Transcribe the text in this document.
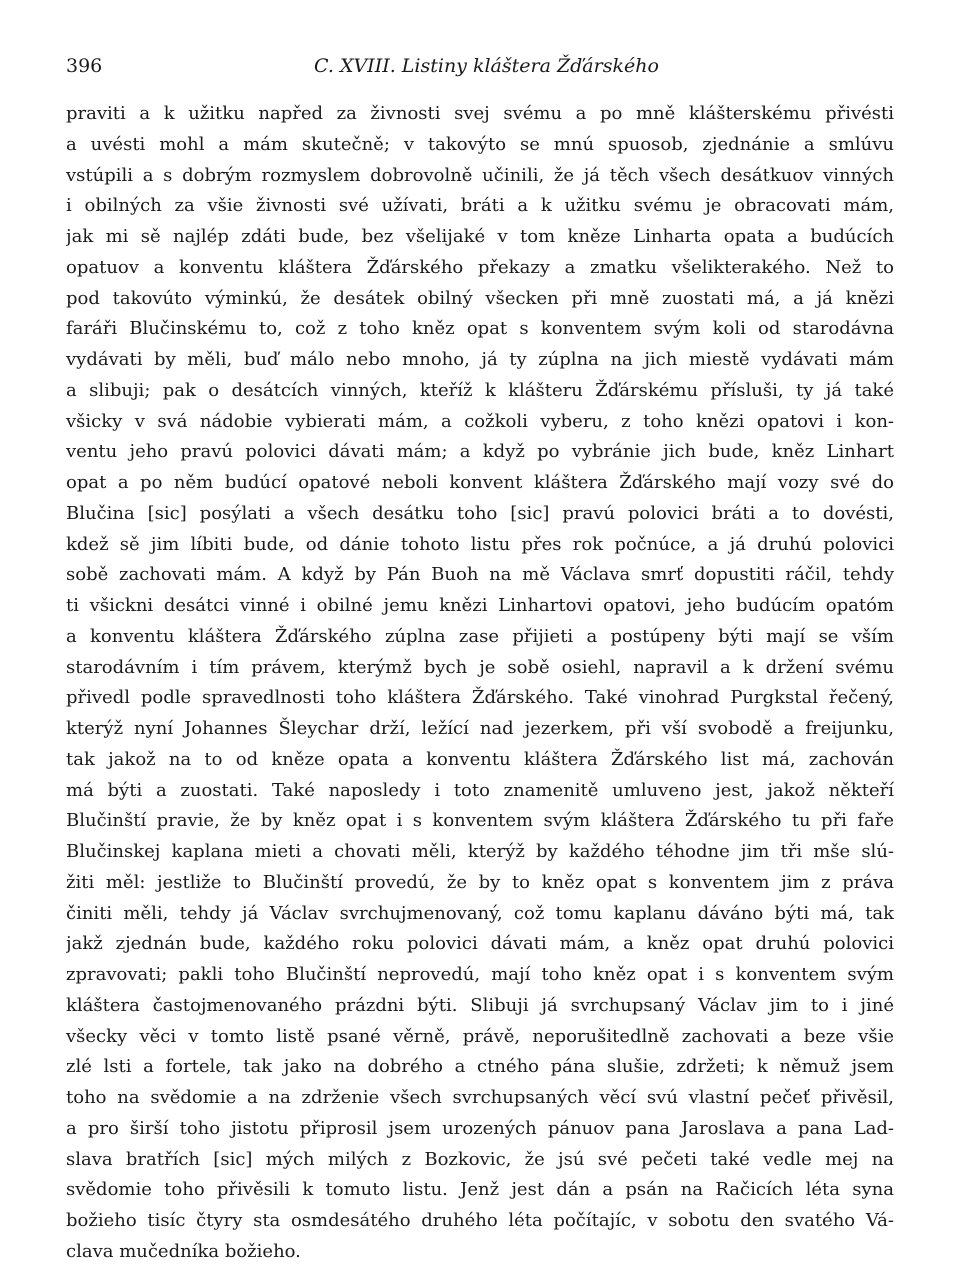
396	C. XVIII. Listiny kláštera Žďárského
praviti a k užitku napřed za živnosti svej svému a po mně klášterskému přivésti
a uvésti mohl a mám skutečně; v takovýto se mnú spuosob, zjednánie a smlúvu
vstúpili a s dobrým rozmyslem dobrovolně učinili, že já těch všech desátkuov vinných
i obilných za všie živnosti své užívati, bráti a k užitku svému je obracovati mám,
jak mi sě najlép zdáti bude, bez všelijaké v tom kněze Linharta opata a budúcích
opatuov a konventu kláštera Žďárského překazy a zmatku všelikterakého. Než to
pod takovúto výminkú, že desátek obilný všecken při mně zuostati má, a já knězi
faráři Blučinskému to, což z toho kněz opat s konventem svým koli od starodávna
vydávati by měli, buď málo nebo mnoho, já ty zúplna na jich miestě vydávati mám
a slibuji; pak o desátcích vinných, kteříž k klášteru Žďárskému přísluši, ty já také
všicky v svá nádobie vybierati mám, a cožkoli vyberu, z toho knězi opatovi i kon-
ventu jeho pravú polovici dávati mám; a když po vybránie jich bude, kněz Linhart
opat a po něm budúcí opatové neboli konvent kláštera Žďárského mají vozy své do
Blučina [sic] posýlati a všech desátku toho [sic] pravú polovici bráti a to dovésti,
kdež sě jim líbiti bude, od dánie tohoto listu přes rok počnúce, a já druhú polovici
sobě zachovati mám. A když by Pán Buoh na mě Václava smrť dopustiti ráčil, tehdy
ti všickni desátci vinné i obilné jemu knězi Linhartovi opatovi, jeho budúcím opatóm
a konventu kláštera Žďárského zúplna zase přijieti a postúpeny býti mají se vším
starodávním i tím právem, kterýmž bych je sobě osiehl, napravil a k držení svému
přivedl podle spravedlnosti toho kláštera Žďárského. Také vinohrad Purgkstal řečený,
kterýž nyní Johannes Šleychar drží, ležící nad jezerkem, při vší svobodě a freijunku,
tak jakož na to od kněze opata a konventu kláštera Žďárského list má, zachován
má býti a zuostati. Také naposledy i toto znamenitě umluveno jest, jakož někteří
Blučinští pravie, že by kněz opat i s konventem svým kláštera Žďárského tu při faře
Blučinskej kaplana mieti a chovati měli, kterýž by každého téhodne jim tři mše slú-
žiti měl: jestliže to Blučinští provedú, že by to kněz opat s konventem jim z práva
činiti měli, tehdy já Václav svrchujmenovaný, což tomu kaplanu dáváno býti má, tak
jakž zjednán bude, každého roku polovici dávati mám, a kněz opat druhú polovici
zpravovati; pakli toho Blučinští neprovedú, mají toho kněz opat i s konventem svým
kláštera častojmenovaného prázdni býti. Slibuji já svrchupsaný Václav jim to i jiné
všecky věci v tomto listě psané věrně, právě, neporušitedlně zachovati a beze všie
zlé lsti a fortele, tak jako na dobrého a ctného pána slušie, zdržeti; k němuž jsem
toho na svědomie a na zdrženie všech svrchupsaných věcí svú vlastní pečeť přivěsil,
a pro širší toho jistotu připrosil jsem urozených pánuov pana Jaroslava a pana Lad-
slava bratřích [sic] mých milých z Bozkovic, že jsú své pečeti také vedle mej na
svědomie toho přivěsili k tomuto listu. Jenž jest dán a psán na Račicích léta syna
božieho tisíc čtyry sta osmdesátého druhého léta počítajíc, v sobotu den svatého Vá-
clava mučedníka božieho.
